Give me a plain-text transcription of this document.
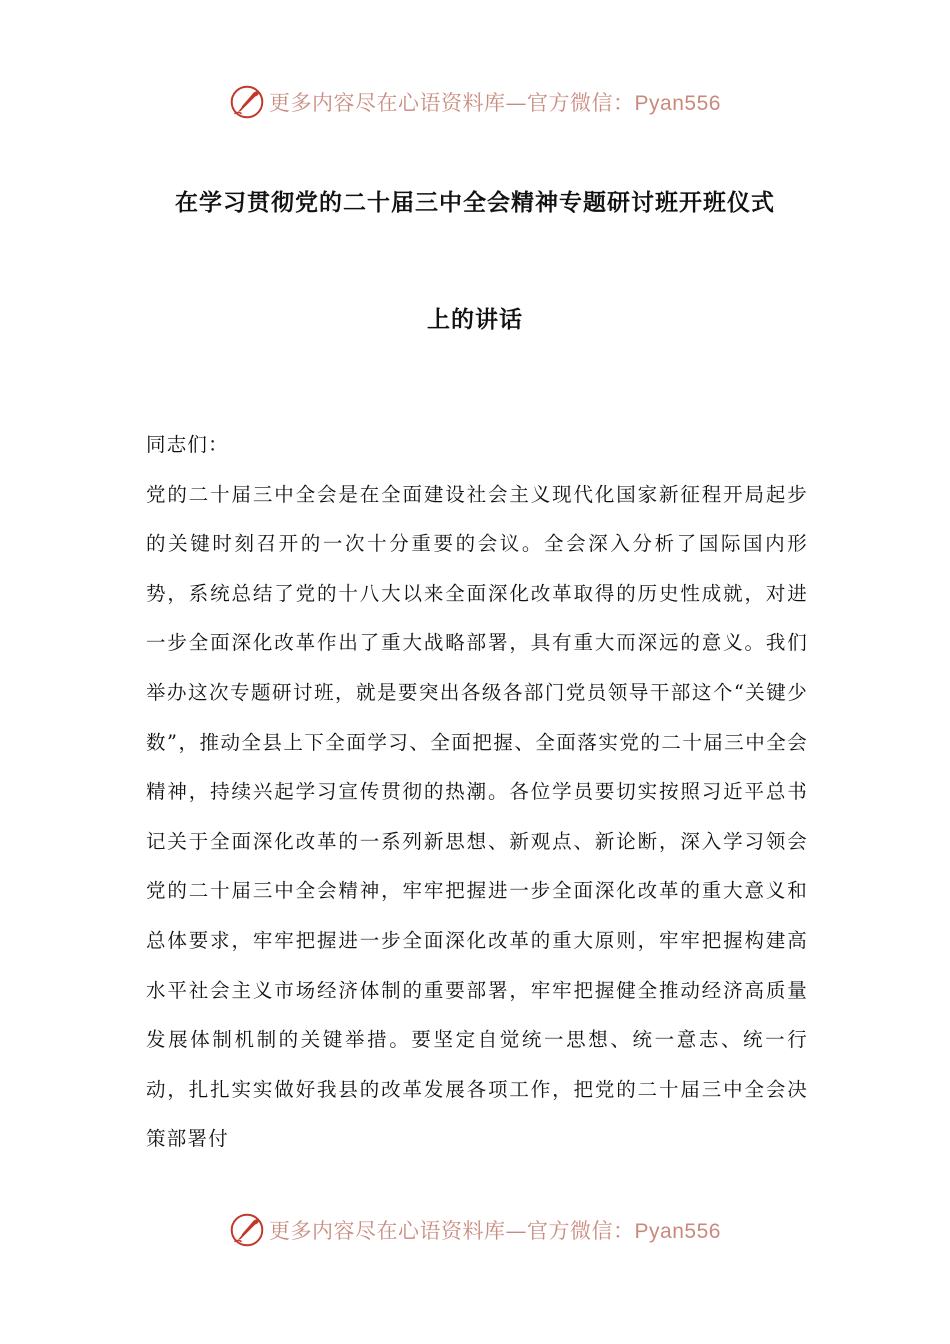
更多内容尽在心语资料库—官方微信：Pyan556
在学习贯彻党的二十届三中全会精神专题研讨班开班仪式
上的讲话

同志们：

党的二十届三中全会是在全面建设社会主义现代化国家新征程开局起步的关键时刻召开的一次十分重要的会议。全会深入分析了国际国内形势，系统总结了党的十八大以来全面深化改革取得的历史性成就，对进一步全面深化改革作出了重大战略部署，具有重大而深远的意义。我们举办这次专题研讨班，就是要突出各级各部门党员领导干部这个“关键少数”，推动全县上下全面学习、全面把握、全面落实党的二十届三中全会精神，持续兴起学习宣传贯彻的热潮。各位学员要切实按照习近平总书记关于全面深化改革的一系列新思想、新观点、新论断，深入学习领会党的二十届三中全会精神，牢牢把握进一步全面深化改革的重大意义和总体要求，牢牢把握进一步全面深化改革的重大原则，牢牢把握构建高水平社会主义市场经济体制的重要部署，牢牢把握健全推动经济高质量发展体制机制的关键举措。要坚定自觉统一思想、统一意志、统一行动，扎扎实实做好我县的改革发展各项工作，把党的二十届三中全会决策部署付

更多内容尽在心语资料库—官方微信：Pyan556
